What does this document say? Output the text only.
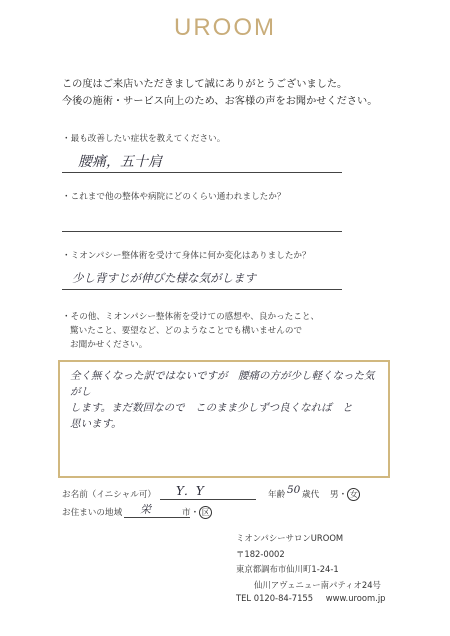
UROOM
この度はご来店いただきまして誠にありがとうございました。
今後の施術・サービス向上のため、お客様の声をお聞かせください。
・最も改善したい症状を教えてください。
腰痛，五十肩
・これまで他の整体や病院にどのくらい通われましたか？
・ミオンパシー整体術を受けて身体に何か変化はありましたか？
少し背すじが伸びた様な気がします
・その他、ミオンパシー整体術を受けての感想や、良かったこと、
驚いたこと、要望など、どのようなことでも構いませんので
お聞かせください。
全く無くなった訳ではないですが　腰痛の方が少し軽くなった気がし
します。まだ数回なので　このまま少しずつ良くなれば　と
思います。
お名前（イニシャル可） Y．Y	年齢 50 歳代 男・ 女
お住まいの地域 栄	市・ 区
ミオンパシーサロンUROOM
〒182-0002
東京都調布市仙川町1-24-1
仙川アヴェニュー南パティオ24号
TEL 0120-84-7155 www.uroom.jp
